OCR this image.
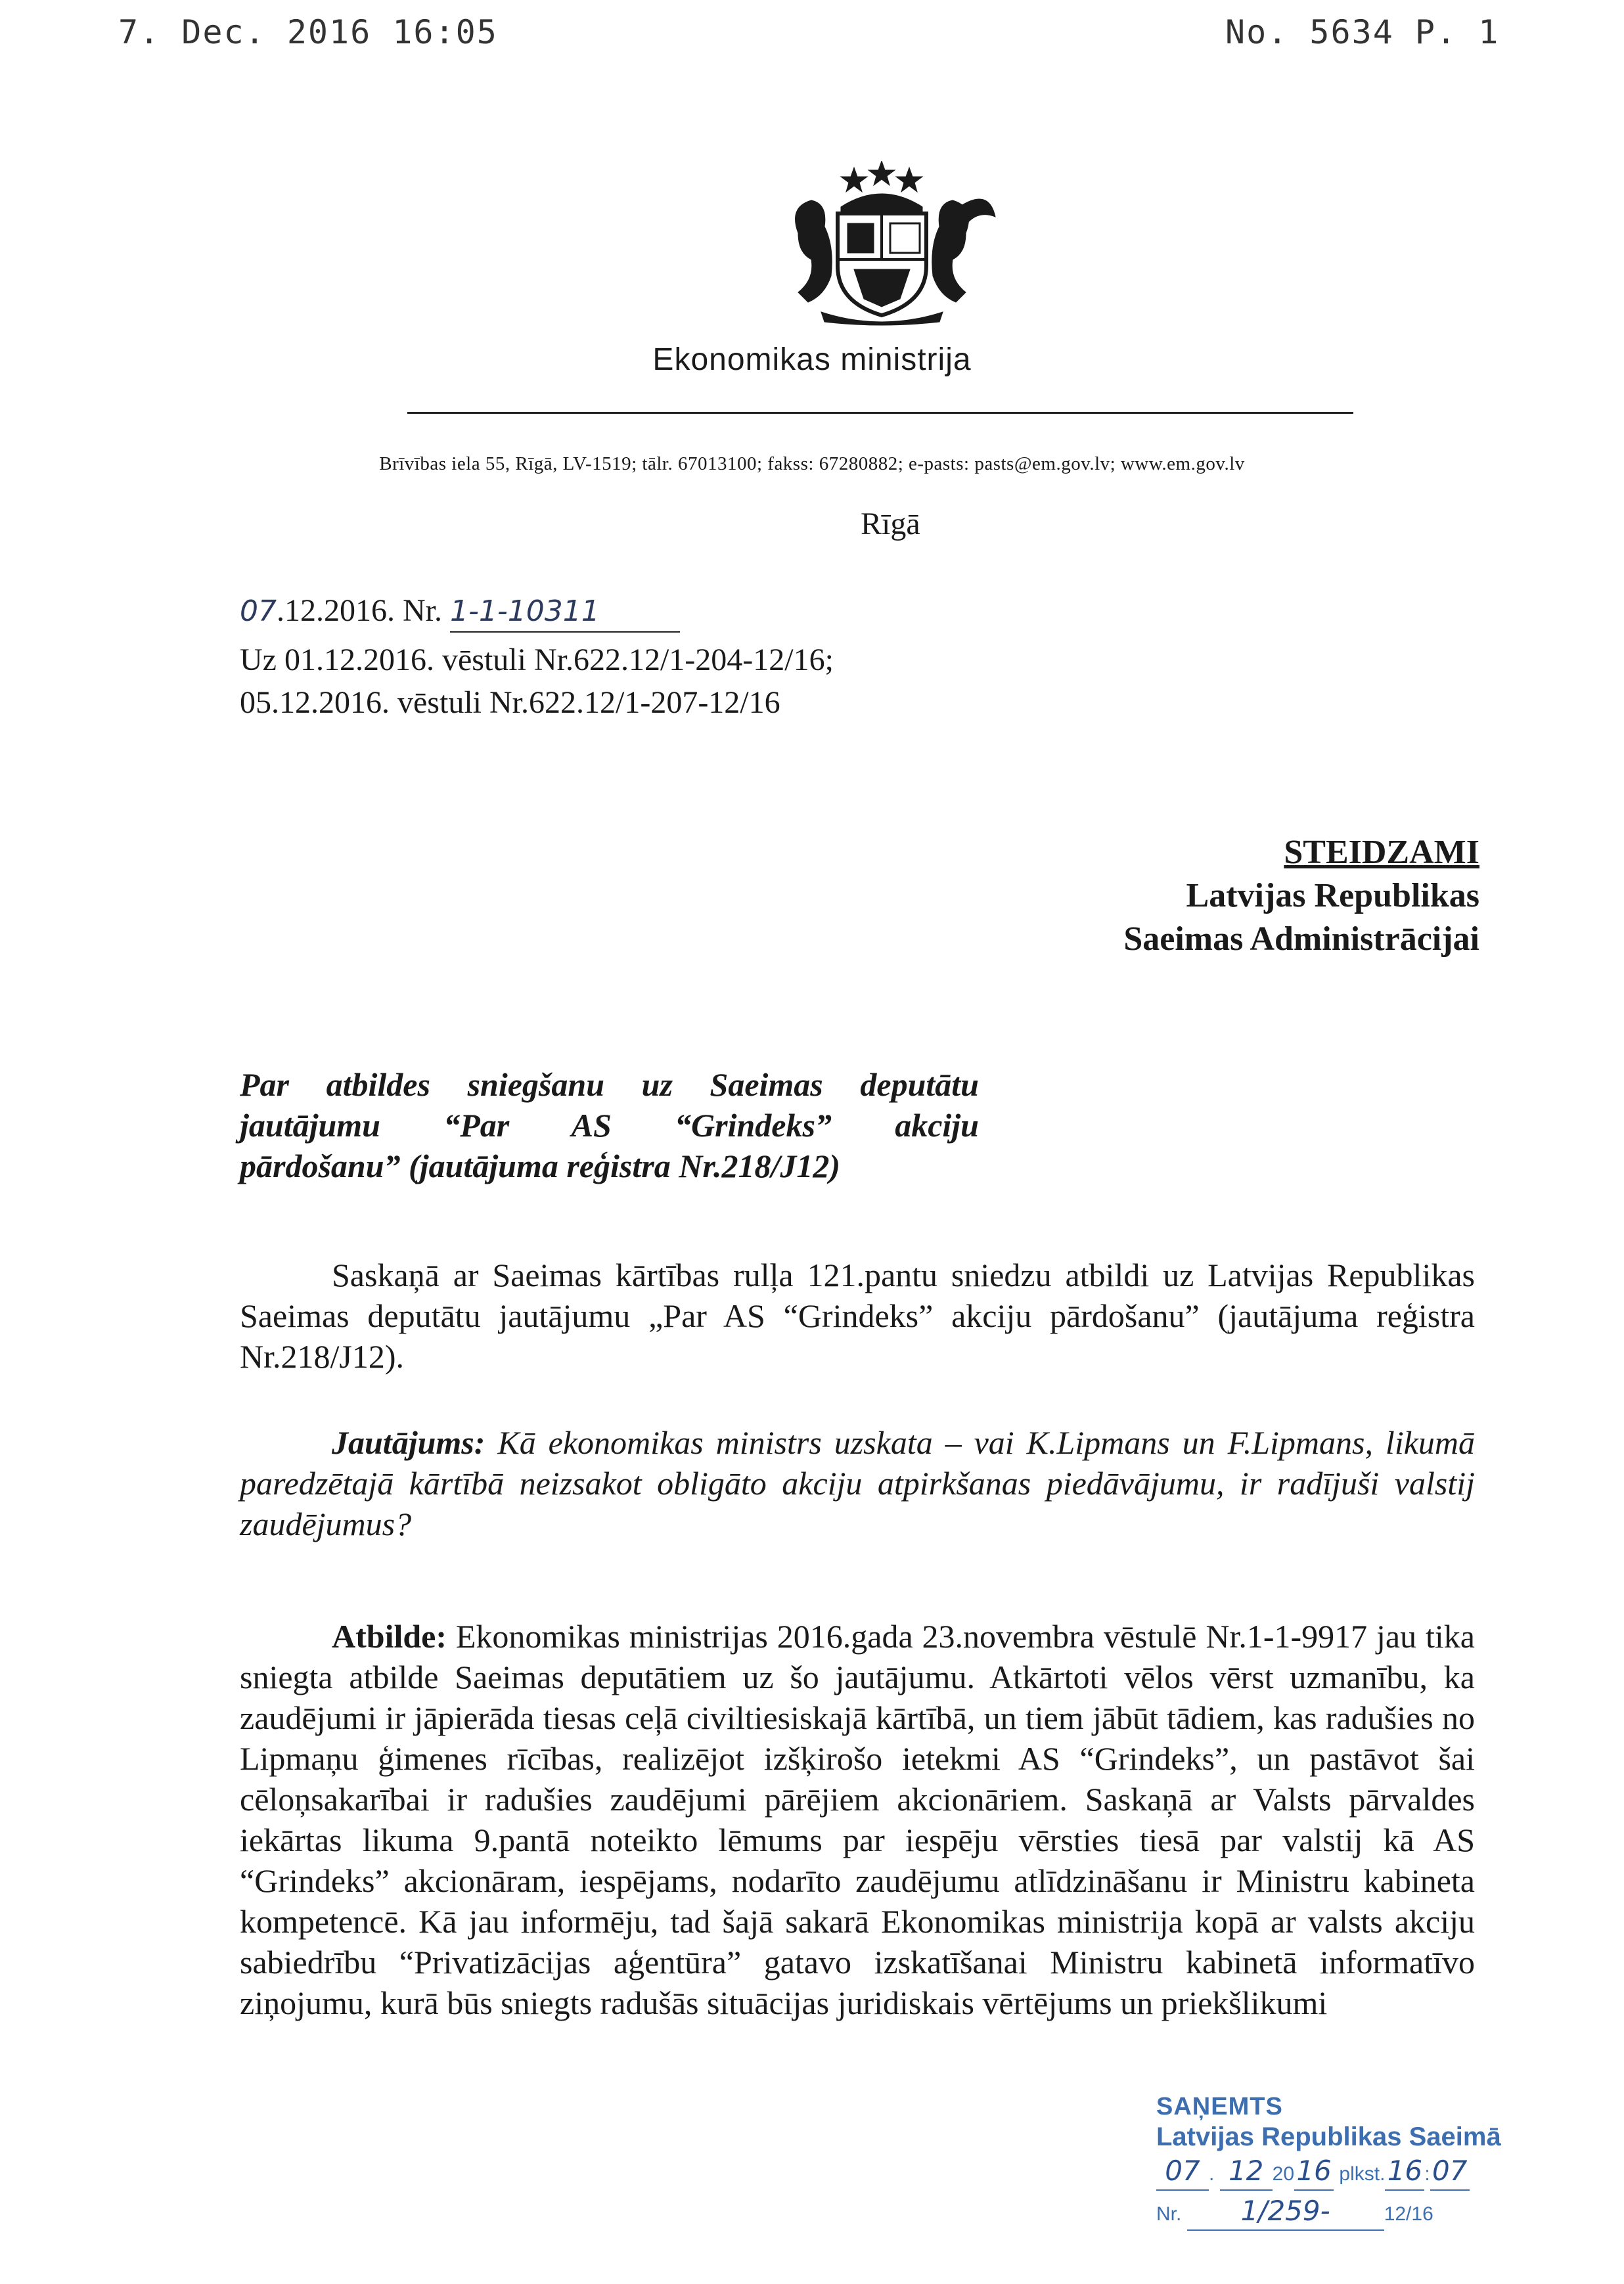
7. Dec. 2016 16:05	No. 5634 P. 1
Ekonomikas ministrija
Brīvības iela 55, Rīgā, LV-1519; tālr. 67013100; fakss: 67280882; e-pasts: pasts@em.gov.lv; www.em.gov.lv
Rīgā
07.12.2016. Nr. 1-1-10311
Uz 01.12.2016. vēstuli Nr.622.12/1-204-12/16;
05.12.2016. vēstuli Nr.622.12/1-207-12/16
STEIDZAMI
Latvijas Republikas
Saeimas Administrācijai
Par atbildes sniegšanu uz Saeimas deputātu
jautājumu “Par AS “Grindeks” akciju
pārdošanu” (jautājuma reģistra Nr.218/J12)
Saskaņā ar Saeimas kārtības rulļa 121.pantu sniedzu atbildi uz Latvijas Republikas Saeimas deputātu jautājumu „Par AS “Grindeks” akciju pārdošanu” (jautājuma reģistra Nr.218/J12).
Jautājums: Kā ekonomikas ministrs uzskata – vai K.Lipmans un F.Lipmans, likumā paredzētajā kārtībā neizsakot obligāto akciju atpirkšanas piedāvājumu, ir radījuši valstij zaudējumus?
Atbilde: Ekonomikas ministrijas 2016.gada 23.novembra vēstulē Nr.1-1-9917 jau tika sniegta atbilde Saeimas deputātiem uz šo jautājumu. Atkārtoti vēlos vērst uzmanību, ka zaudējumi ir jāpierāda tiesas ceļā civiltiesiskajā kārtībā, un tiem jābūt tādiem, kas radušies no Lipmaņu ģimenes rīcības, realizējot izšķirošo ietekmi AS “Grindeks”, un pastāvot šai cēloņsakarībai ir radušies zaudējumi pārējiem akcionāriem. Saskaņā ar Valsts pārvaldes iekārtas likuma 9.pantā noteikto lēmums par iespēju vērsties tiesā par valstij kā AS “Grindeks” akcionāram, iespējams, nodarīto zaudējumu atlīdzināšanu ir Ministru kabineta kompetencē. Kā jau informēju, tad šajā sakarā Ekonomikas ministrija kopā ar valsts akciju sabiedrību “Privatizācijas aģentūra” gatavo izskatīšanai Ministru kabinetā informatīvo ziņojumu, kurā būs sniegts radušās situācijas juridiskais vērtējums un priekšlikumi
SAŅEMTS
Latvijas Republikas Saeimā
07 . 12 2016 plkst.16 :07
Nr. 1/259-	12/16
